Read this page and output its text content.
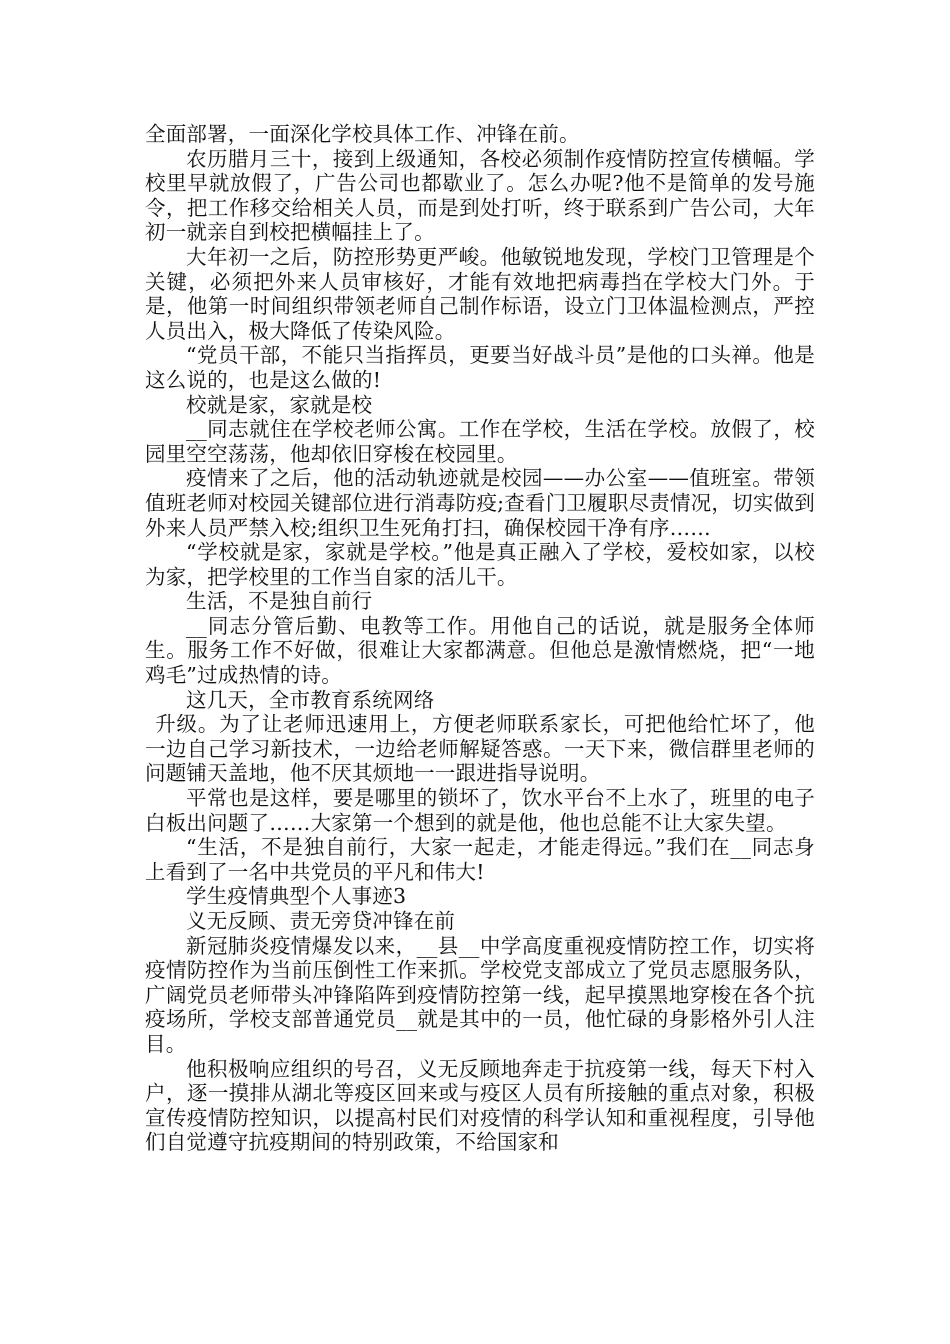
全面部署，一面深化学校具体工作、冲锋在前。

农历腊月三十，接到上级通知，各校必须制作疫情防控宣传横幅。学校里早就放假了，广告公司也都歇业了。怎么办呢?他不是简单的发号施令，把工作移交给相关人员，而是到处打听，终于联系到广告公司，大年初一就亲自到校把横幅挂上了。

大年初一之后，防控形势更严峻。他敏锐地发现，学校门卫管理是个关键，必须把外来人员审核好，才能有效地把病毒挡在学校大门外。于是，他第一时间组织带领老师自己制作标语，设立门卫体温检测点，严控人员出入，极大降低了传染风险。

“党员干部，不能只当指挥员，更要当好战斗员”是他的口头禅。他是这么说的，也是这么做的!

校就是家，家就是校

__同志就住在学校老师公寓。工作在学校，生活在学校。放假了，校园里空空荡荡，他却依旧穿梭在校园里。

疫情来了之后，他的活动轨迹就是校园——办公室——值班室。带领值班老师对校园关键部位进行消毒防疫;查看门卫履职尽责情况，切实做到外来人员严禁入校;组织卫生死角打扫，确保校园干净有序……

“学校就是家，家就是学校。”他是真正融入了学校，爱校如家，以校为家，把学校里的工作当自家的活儿干。

生活，不是独自前行

__同志分管后勤、电教等工作。用他自己的话说，就是服务全体师生。服务工作不好做，很难让大家都满意。但他总是激情燃烧，把“一地鸡毛”过成热情的诗。

这几天，全市教育系统网络

升级。为了让老师迅速用上，方便老师联系家长，可把他给忙坏了，他一边自己学习新技术，一边给老师解疑答惑。一天下来，微信群里老师的问题铺天盖地，他不厌其烦地一一跟进指导说明。

平常也是这样，要是哪里的锁坏了，饮水平台不上水了，班里的电子白板出问题了……大家第一个想到的就是他，他也总能不让大家失望。

“生活，不是独自前行，大家一起走，才能走得远。”我们在__同志身上看到了一名中共党员的平凡和伟大!

学生疫情典型个人事迹3

义无反顾、责无旁贷冲锋在前

新冠肺炎疫情爆发以来，__县__中学高度重视疫情防控工作，切实将疫情防控作为当前压倒性工作来抓。学校党支部成立了党员志愿服务队，广阔党员老师带头冲锋陷阵到疫情防控第一线，起早摸黑地穿梭在各个抗疫场所，学校支部普通党员__就是其中的一员，他忙碌的身影格外引人注目。

他积极响应组织的号召，义无反顾地奔走于抗疫第一线，每天下村入户，逐一摸排从湖北等疫区回来或与疫区人员有所接触的重点对象，积极宣传疫情防控知识，以提高村民们对疫情的科学认知和重视程度，引导他们自觉遵守抗疫期间的特别政策，不给国家和
